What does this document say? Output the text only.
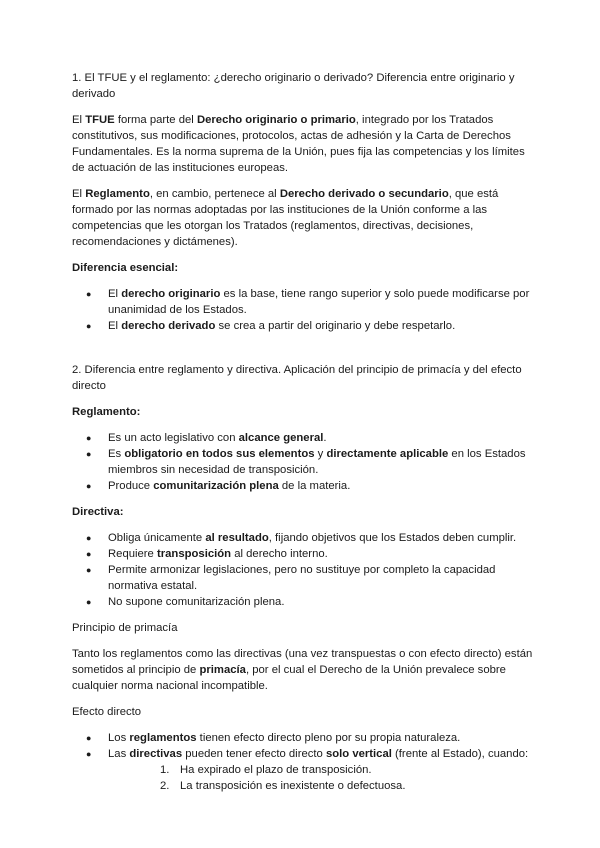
1. El TFUE y el reglamento: ¿derecho originario o derivado? Diferencia entre originario y derivado

El TFUE forma parte del Derecho originario o primario, integrado por los Tratados constitutivos, sus modificaciones, protocolos, actas de adhesión y la Carta de Derechos Fundamentales. Es la norma suprema de la Unión, pues fija las competencias y los límites de actuación de las instituciones europeas.

El Reglamento, en cambio, pertenece al Derecho derivado o secundario, que está formado por las normas adoptadas por las instituciones de la Unión conforme a las competencias que les otorgan los Tratados (reglamentos, directivas, decisiones, recomendaciones y dictámenes).

Diferencia esencial:

● El derecho originario es la base, tiene rango superior y solo puede modificarse por unanimidad de los Estados.
● El derecho derivado se crea a partir del originario y debe respetarlo.

2. Diferencia entre reglamento y directiva. Aplicación del principio de primacía y del efecto directo

Reglamento:

● Es un acto legislativo con alcance general.
● Es obligatorio en todos sus elementos y directamente aplicable en los Estados miembros sin necesidad de transposición.
● Produce comunitarización plena de la materia.

Directiva:

● Obliga únicamente al resultado, fijando objetivos que los Estados deben cumplir.
● Requiere transposición al derecho interno.
● Permite armonizar legislaciones, pero no sustituye por completo la capacidad normativa estatal.
● No supone comunitarización plena.

Principio de primacía

Tanto los reglamentos como las directivas (una vez transpuestas o con efecto directo) están sometidos al principio de primacía, por el cual el Derecho de la Unión prevalece sobre cualquier norma nacional incompatible.

Efecto directo

● Los reglamentos tienen efecto directo pleno por su propia naturaleza.
● Las directivas pueden tener efecto directo solo vertical (frente al Estado), cuando:
1. Ha expirado el plazo de transposición.
2. La transposición es inexistente o defectuosa.
